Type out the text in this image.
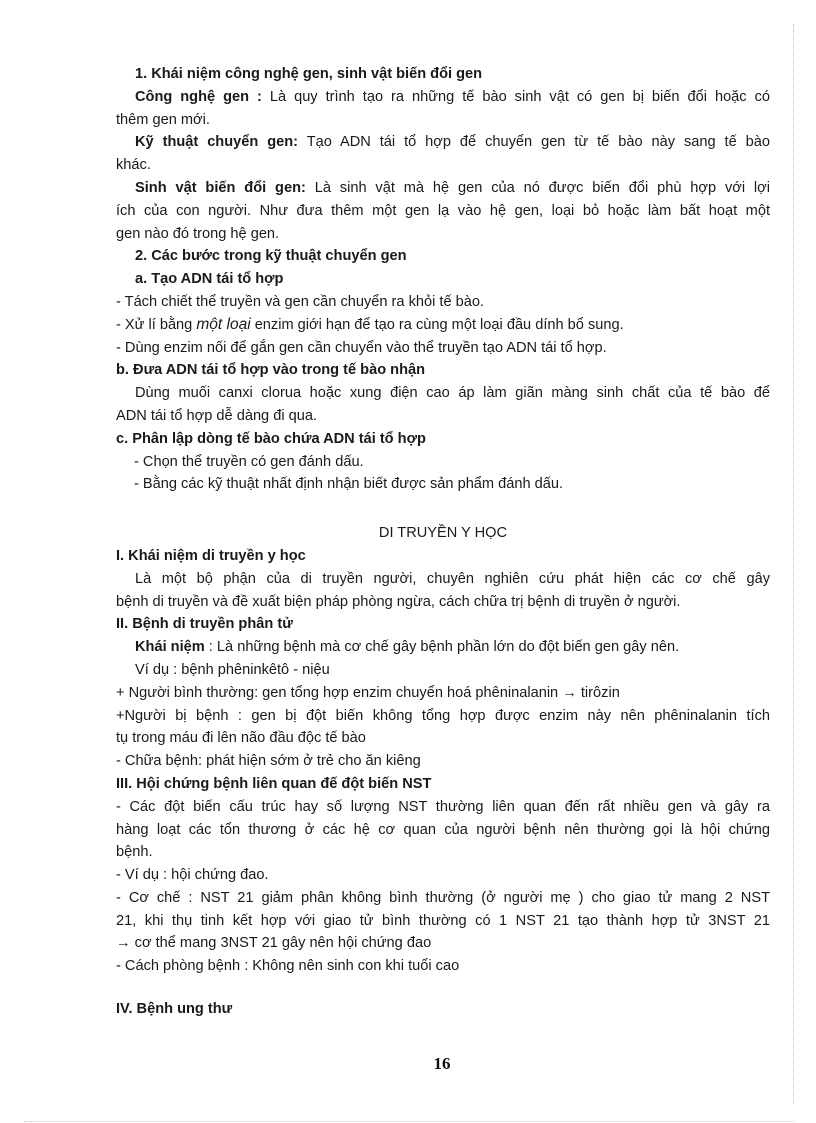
1. Khái niệm công nghệ gen, sinh vật biến đổi gen

Công nghệ gen : Là quy trình tạo ra những tế bào sinh vật có gen bị biến đổi hoặc có

thêm gen mới.

Kỹ thuật chuyển gen: Tạo ADN tái tổ hợp để chuyển gen từ tế bào này sang tế bào

khác.

Sinh vật biến đổi gen: Là sinh vật mà hệ gen của nó được biến đổi phù hợp với lợi

ích của con người. Như đưa thêm một gen lạ vào hệ gen, loại bỏ hoặc làm bất hoạt một

gen nào đó trong hệ gen.

2. Các bước trong kỹ thuật chuyển gen

a. Tạo ADN tái tổ hợp

- Tách chiết thể truyền và gen cần chuyển ra khỏi tế bào.

- Xử lí bằng một loại enzim giới hạn để tạo ra cùng một loại đầu dính bổ sung.

- Dùng enzim nối để gắn gen cần chuyển vào thể truyền tạo ADN tái tổ hợp.

b. Đưa ADN tái tổ hợp vào trong tế bào nhận

Dùng muối canxi clorua hoặc xung điện cao áp làm giãn màng sinh chất của tế bào để

ADN tái tổ hợp dễ dàng đi qua.

c. Phân lập dòng tế bào chứa ADN tái tổ hợp

- Chọn thể truyền có gen đánh dấu.

- Bằng các kỹ thuật nhất định nhận biết được sản phẩm đánh dấu.

DI TRUYỀN Y HỌC

I. Khái niệm di truyền y học

Là một bộ phận của di truyền người, chuyên nghiên cứu phát hiện các cơ chế gây

bệnh di truyền và đề xuất biện pháp phòng ngừa, cách chữa trị bệnh di truyền ở người.

II. Bệnh di truyền phân tử

Khái niệm : Là những bệnh mà cơ chế gây bệnh phần lớn do đột biến gen gây nên.

Ví dụ : bệnh phêninkêtô - niệu

+ Người bình thường: gen tổng hợp enzim chuyển hoá phêninalanin → tirôzin

+Người bị bệnh : gen bị đột biến không tổng hợp được enzim này nên phêninalanin tích

tụ trong máu đi lên não đầu độc tế bào

- Chữa bệnh: phát hiện sớm ở trẻ cho ăn kiêng

III. Hội chứng bệnh liên quan đế đột biến NST

- Các đột biến cấu trúc hay số lượng NST thường liên quan đến rất nhiều gen và gây ra

hàng loạt các tổn thương ở các hệ cơ quan của người bệnh nên thường gọi là hội chứng

bệnh.

- Ví dụ : hội chứng đao.

- Cơ chế : NST 21 giảm phân không bình thường (ở người mẹ ) cho giao tử mang 2 NST

21, khi thụ tinh kết hợp với giao tử bình thường có 1 NST 21 tạo thành hợp tử 3NST 21

→ cơ thể mang 3NST 21 gây nên hội chứng đao

- Cách phòng bệnh : Không nên sinh con khi tuổi cao

IV. Bệnh ung thư

16
